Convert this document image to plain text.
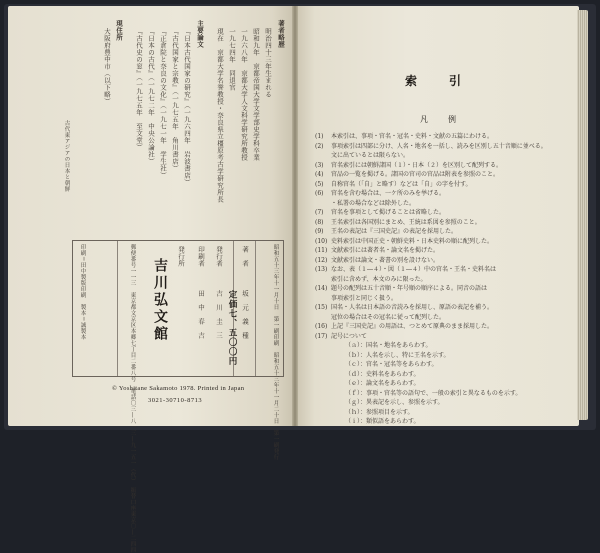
著者略歴
明治四十三年生まれる
昭和九年　京都帝国大学文学部史学科卒業
一九六八年　京都大学人文科学研究所教授
一九七四年　同退官
現在　京都大学名誉教授・奈良県立橿原考古学研究所長
主要論文
『日本古代国家の研究』（一九六四年　岩波書店）
『古代国家と宗教』（一九七五年　角川書店）
『正倉院と奈良の文化』（一九七一年　学生社）
『日本の古代』（一九七二年　中央公論社）
『古代史の窓』（一九七五年　至文堂）
現住所
大阪府豊中市（以下略）	索　引
凡　例
(1) 本索引は、事項・官名・冠名・史料・文献の五篇にわける。
(2) 事項索引は四部に分け、人名・地名を一括し、読みを区別し五十音順に並べる。
文に出ているとは限らない。
(3) 官名索引には朝鮮諸国（１）・日本（２）を区別して配列する。
(4) 官品の一覧を掲げる。諸国の官司の官品は附表を参照のこと。
(5) 自称官名（「自」と略す）などは「自」の字を付す。
(6) 官名を含む場合は、一ケ所のみを挙げる。
・私署の場合などは除外した。
(7) 官名を事項として掲げることは省略した。
(8) 王名索引は各国別にまとめ、王統は系図を参照のこと。
(9) 王名の表記は『三国史記』の表記を採用した。
(10) 史料索引は中国正史・朝鮮史料・日本史料の順に配列した。
(11) 文献索引には著者名・論文名を掲げた。
(12) 文献索引は論文・著書の別を設けない。
(13) なお、表（１―４）・図（１―４）中の官名・王名・史料名は
索引に含めず、本文のみに限った。
(14) 題号の配列は五十音順・年号順の順序による。同音の語は
事項索引と同じく扱う。
(15) 国名・人名は日本語の音読みを採用し、原語の表記を補う。
冠位の場合はその冠名に従って配列した。
(16) 上記『三国史記』の用語は、つとめて原典のまま採用した。
(17) 記号について
（ａ）：国名・地名をあらわす。
（ｂ）：人名を示し、特に王名を示す。
（ｃ）：官名・冠名等をあらわす。
（ｄ）：史料名をあらわす。
（ｅ）：論文名をあらわす。
（ｆ）：事項・官名等の語句で、一般の索引と異なるものを示す。
（ｇ）：異表記を示し、参照を示す。
（ｈ）：参照項目を示す。
（ｉ）：類似語をあらわす。
昭和五十三年十一月十日　第一刷印刷　昭和五十三年十一月二十日　第一刷発行
著　者
坂　元　義　種
発行者
吉　川　圭　三
印刷者
田　中　春　吉
発行所
定価七、五〇〇円
吉川弘文館
郵便番号一一三　東京都文京区本郷七丁目二番八号　電話〇三―八一三―九一五一（代）　振替口座東京〇―二四四
印刷＝田中製版印刷　製本＝誠製本
古代東アジアの日本と朝鮮
© Yoshitane Sakamoto 1978. Printed in Japan
3021-30710-8713
